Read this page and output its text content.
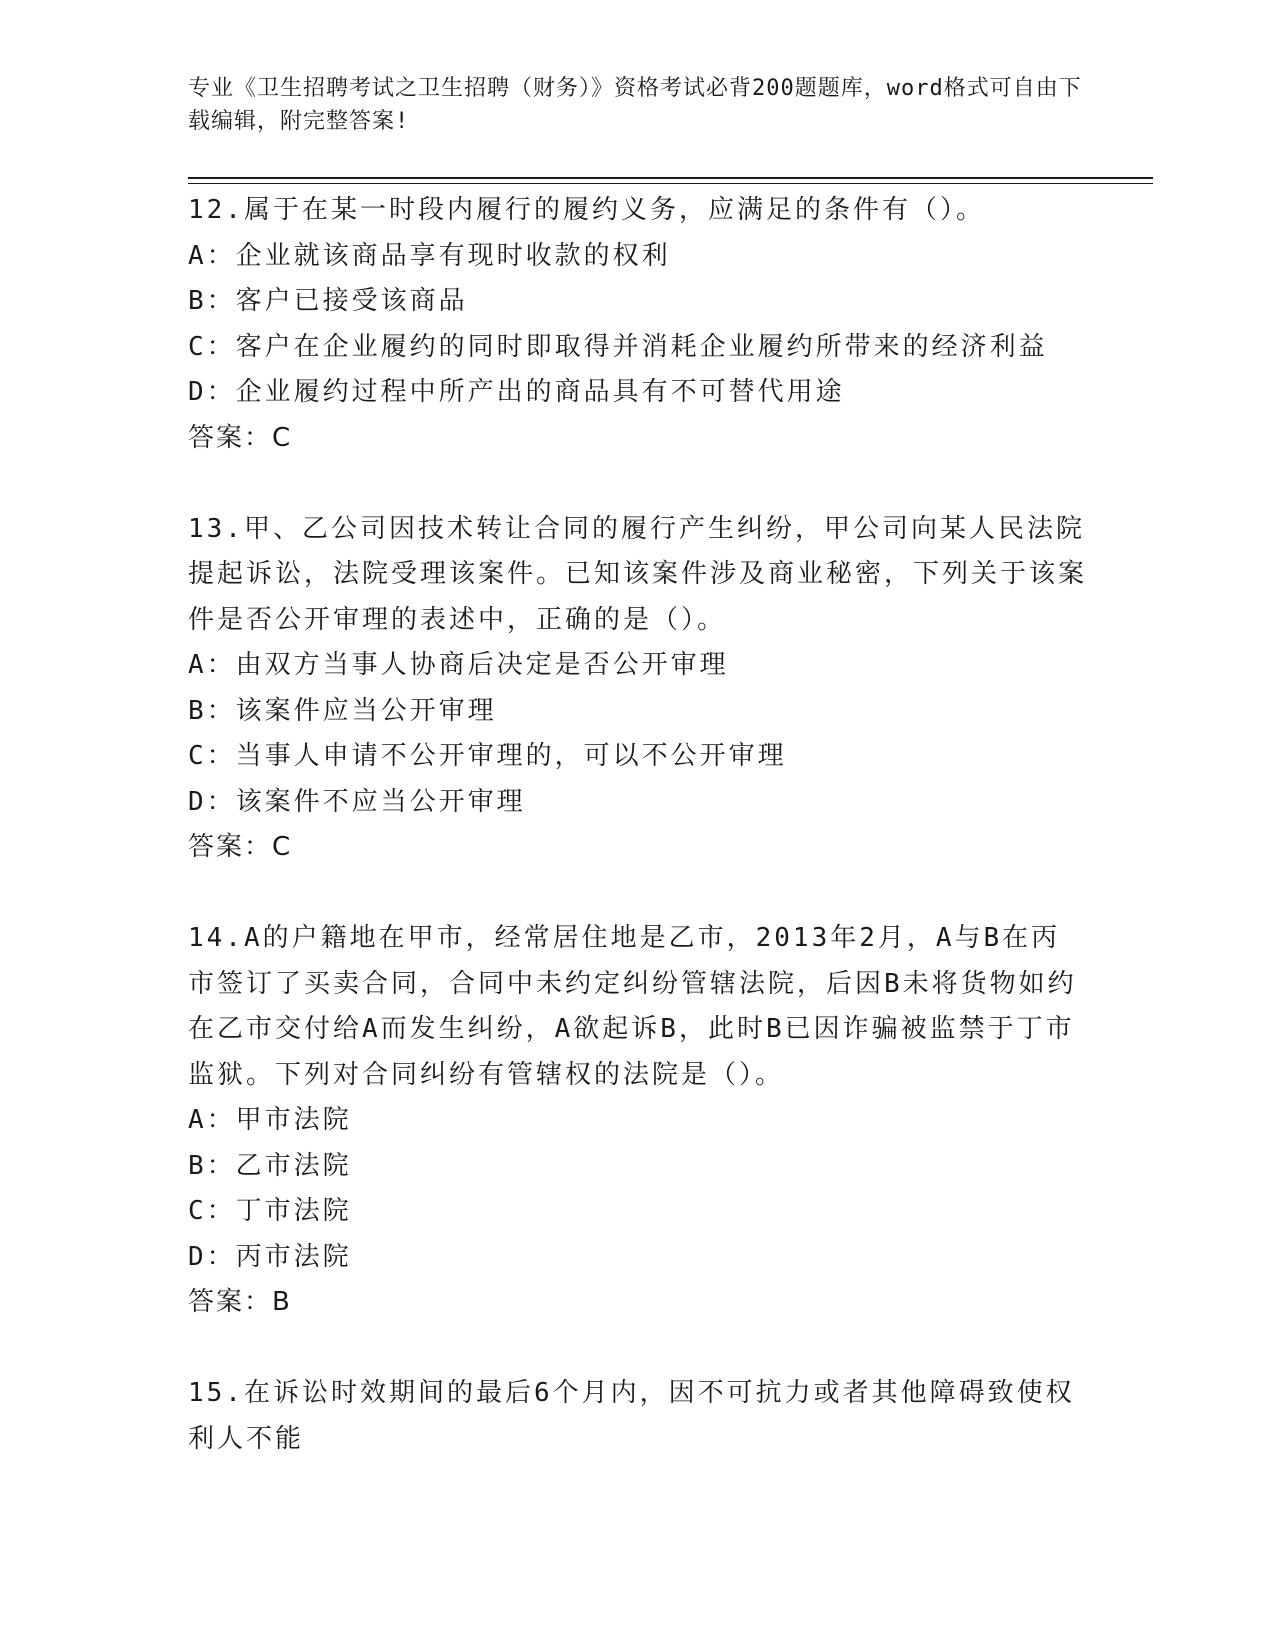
专业《卫生招聘考试之卫生招聘（财务）》资格考试必背200题题库，word格式可自由下载编辑，附完整答案!

12.属于在某一时段内履行的履约义务，应满足的条件有（）。

A：企业就该商品享有现时收款的权利

B：客户已接受该商品

C：客户在企业履约的同时即取得并消耗企业履约所带来的经济利益

D：企业履约过程中所产出的商品具有不可替代用途

答案：C

13.甲、乙公司因技术转让合同的履行产生纠纷，甲公司向某人民法院提起诉讼，法院受理该案件。已知该案件涉及商业秘密，下列关于该案件是否公开审理的表述中，正确的是（）。

A：由双方当事人协商后决定是否公开审理

B：该案件应当公开审理

C：当事人申请不公开审理的，可以不公开审理

D：该案件不应当公开审理

答案：C

14.A的户籍地在甲市，经常居住地是乙市，2013年2月，A与B在丙市签订了买卖合同，合同中未约定纠纷管辖法院，后因B未将货物如约在乙市交付给A而发生纠纷，A欲起诉B，此时B已因诈骗被监禁于丁市监狱。下列对合同纠纷有管辖权的法院是（）。

A：甲市法院

B：乙市法院

C：丁市法院

D：丙市法院

答案：B

15.在诉讼时效期间的最后6个月内，因不可抗力或者其他障碍致使权利人不能
